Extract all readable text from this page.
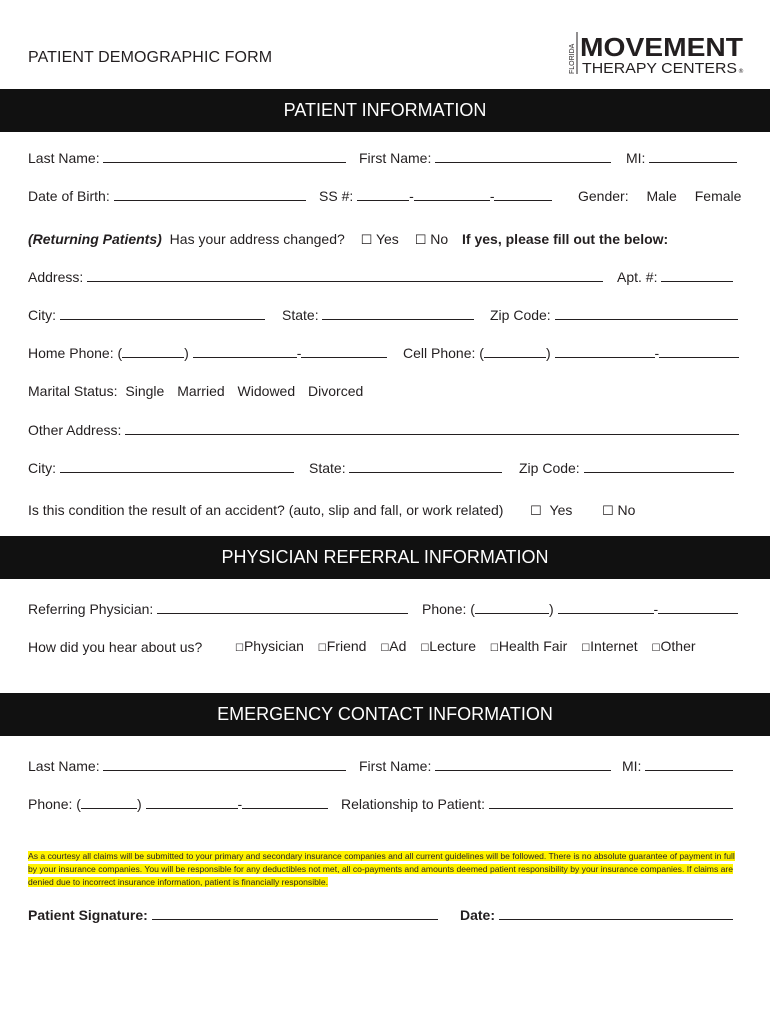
PATIENT DEMOGRAPHIC FORM	FLORIDA MOVEMENT
THERAPY CENTERS ®
PATIENT INFORMATION
Last Name:	First Name:	MI:
Date of Birth:	SS #:	-	-	Gender: Male Female
(Returning Patients) Has your address changed? ☐ Yes ☐ No If yes, please fill out the below:
Address:	Apt. #:
City:	State:	Zip Code:
Home Phone: (	)	-	Cell Phone: (	)	-
Marital Status: Single Married Widowed Divorced
Other Address:
City:	State:	Zip Code:
Is this condition the result of an accident? (auto, slip and fall, or work related) ☐ Yes ☐ No
PHYSICIAN REFERRAL INFORMATION
Referring Physician:	Phone: (	)	-
How did you hear about us?	☐Physician ☐Friend ☐Ad ☐Lecture ☐Health Fair ☐Internet ☐Other
EMERGENCY CONTACT INFORMATION
Last Name:	First Name:	MI:
Phone: (	)	-	Relationship to Patient:
As a courtesy all claims will be submitted to your primary and secondary insurance companies and all current guidelines will be followed. There is no absolute guarantee of payment in full by your insurance companies. You will be responsible for any deductibles not met, all co-payments and amounts deemed patient responsibility by your insurance companies. If claims are denied due to incorrect insurance information, patient is financially responsible.
Patient Signature:	Date:
